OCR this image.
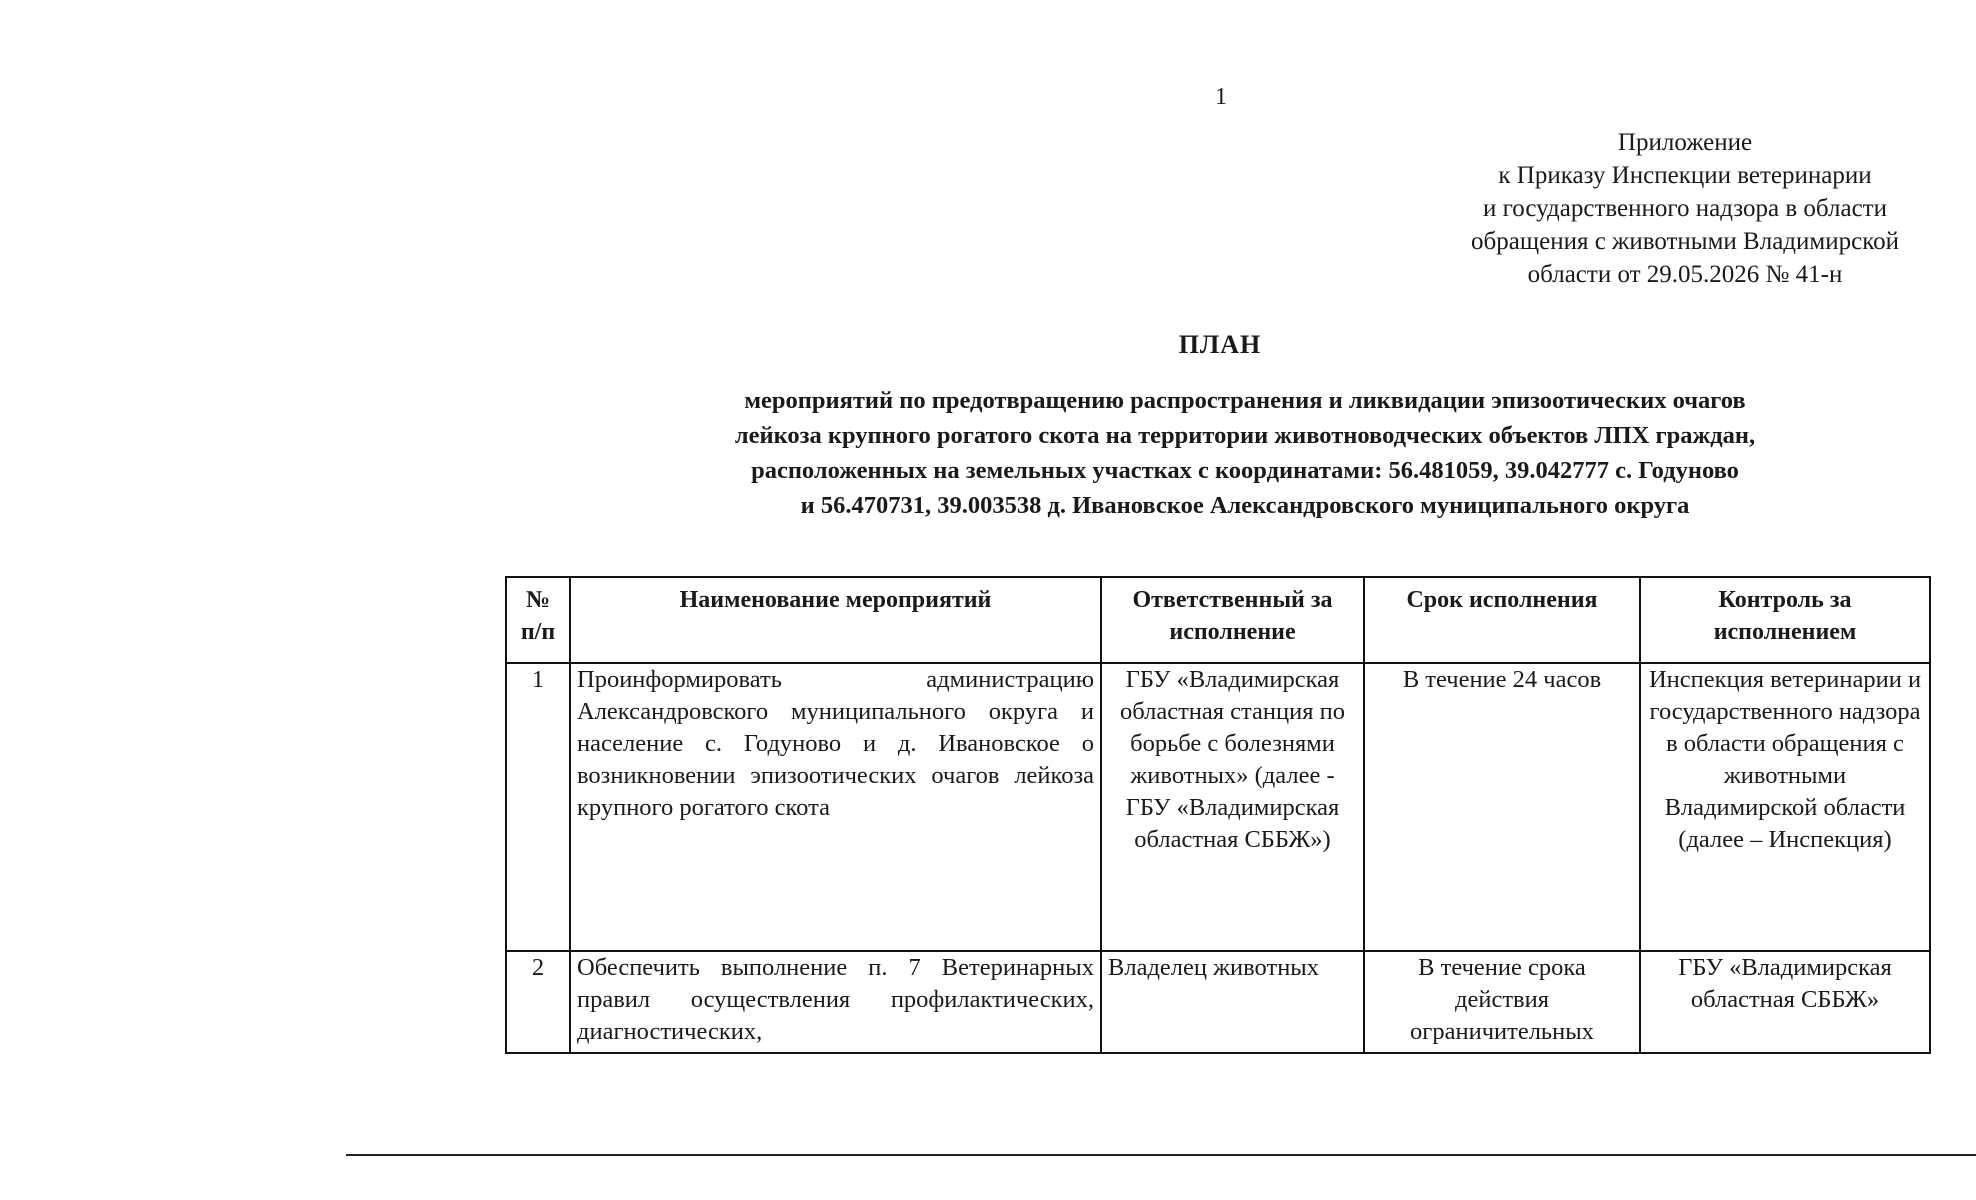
1
Приложение
к Приказу Инспекции ветеринарии
и государственного надзора в области
обращения с животными Владимирской
области от 29.05.2026 № 41-н
ПЛАН
мероприятий по предотвращению распространения и ликвидации эпизоотических очагов
лейкоза крупного рогатого скота на территории животноводческих объектов ЛПХ граждан,
расположенных на земельных участках с координатами: 56.481059, 39.042777 с. Годуново
и 56.470731, 39.003538 д. Ивановское Александровского муниципального округа
№ п/п	Наименование мероприятий	Ответственный за исполнение	Срок исполнения	Контроль за исполнением
1	Проинформировать администрацию Александровского муниципального округа и население с. Годуново и д. Ивановское о возникновении эпизоотических очагов лейкоза крупного рогатого скота	ГБУ «Владимирская областная станция по борьбе с болезнями животных» (далее - ГБУ «Владимирская областная СББЖ»)	В течение 24 часов	Инспекция ветеринарии и государственного надзора в области обращения с животными Владимирской области (далее – Инспекция)
2	Обеспечить выполнение п. 7 Ветеринарных правил осуществления профилактических, диагностических,	Владелец животных	В течение срока действия ограничительных	ГБУ «Владимирская областная СББЖ»
